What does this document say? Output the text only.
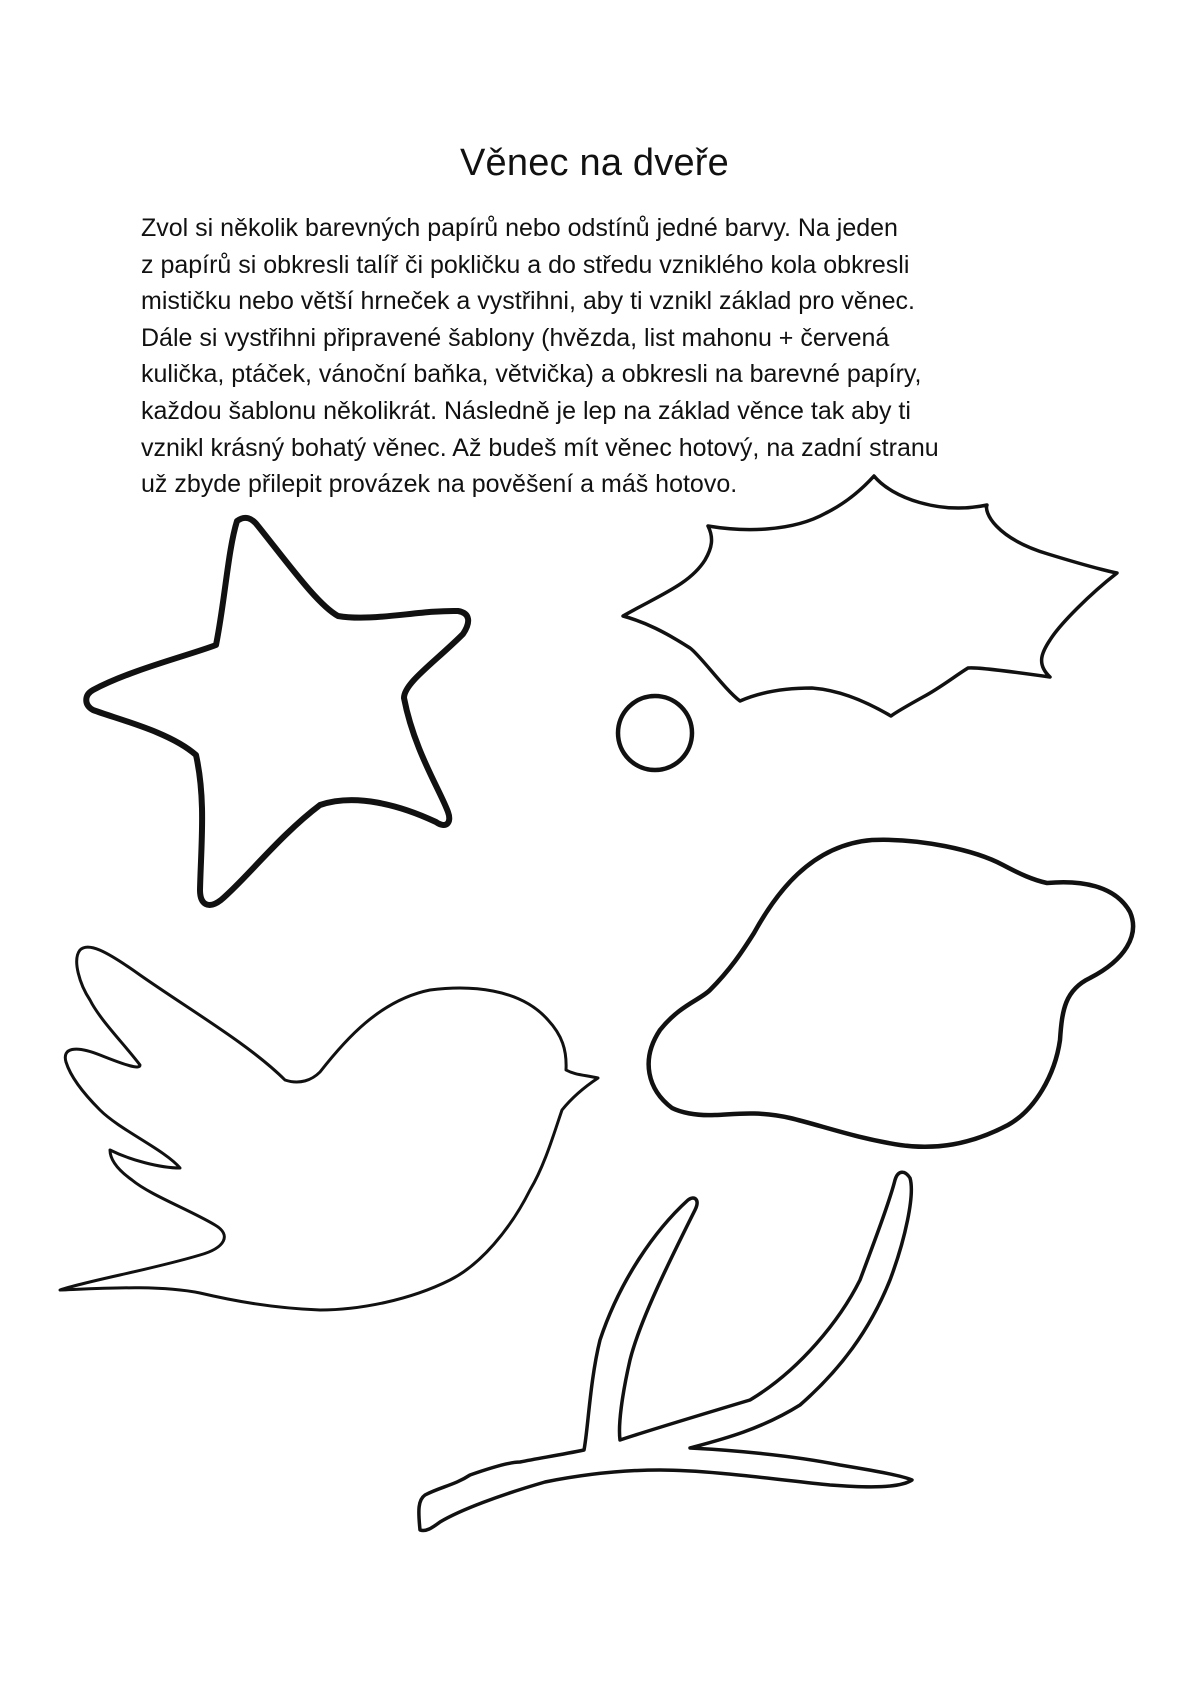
Věnec na dveře
Zvol si několik barevných papírů nebo odstínů jedné barvy. Na jeden
z papírů si obkresli talíř či pokličku a do středu vzniklého kola obkresli
mističku nebo větší hrneček a vystřihni, aby ti vznikl základ pro věnec.
Dále si vystřihni připravené šablony (hvězda, list mahonu + červená
kulička, ptáček, vánoční baňka, větvička) a obkresli na barevné papíry,
každou šablonu několikrát. Následně je lep na základ věnce tak aby ti
vznikl krásný bohatý věnec. Až budeš mít věnec hotový, na zadní stranu
už zbyde přilepit provázek na pověšení a máš hotovo.
